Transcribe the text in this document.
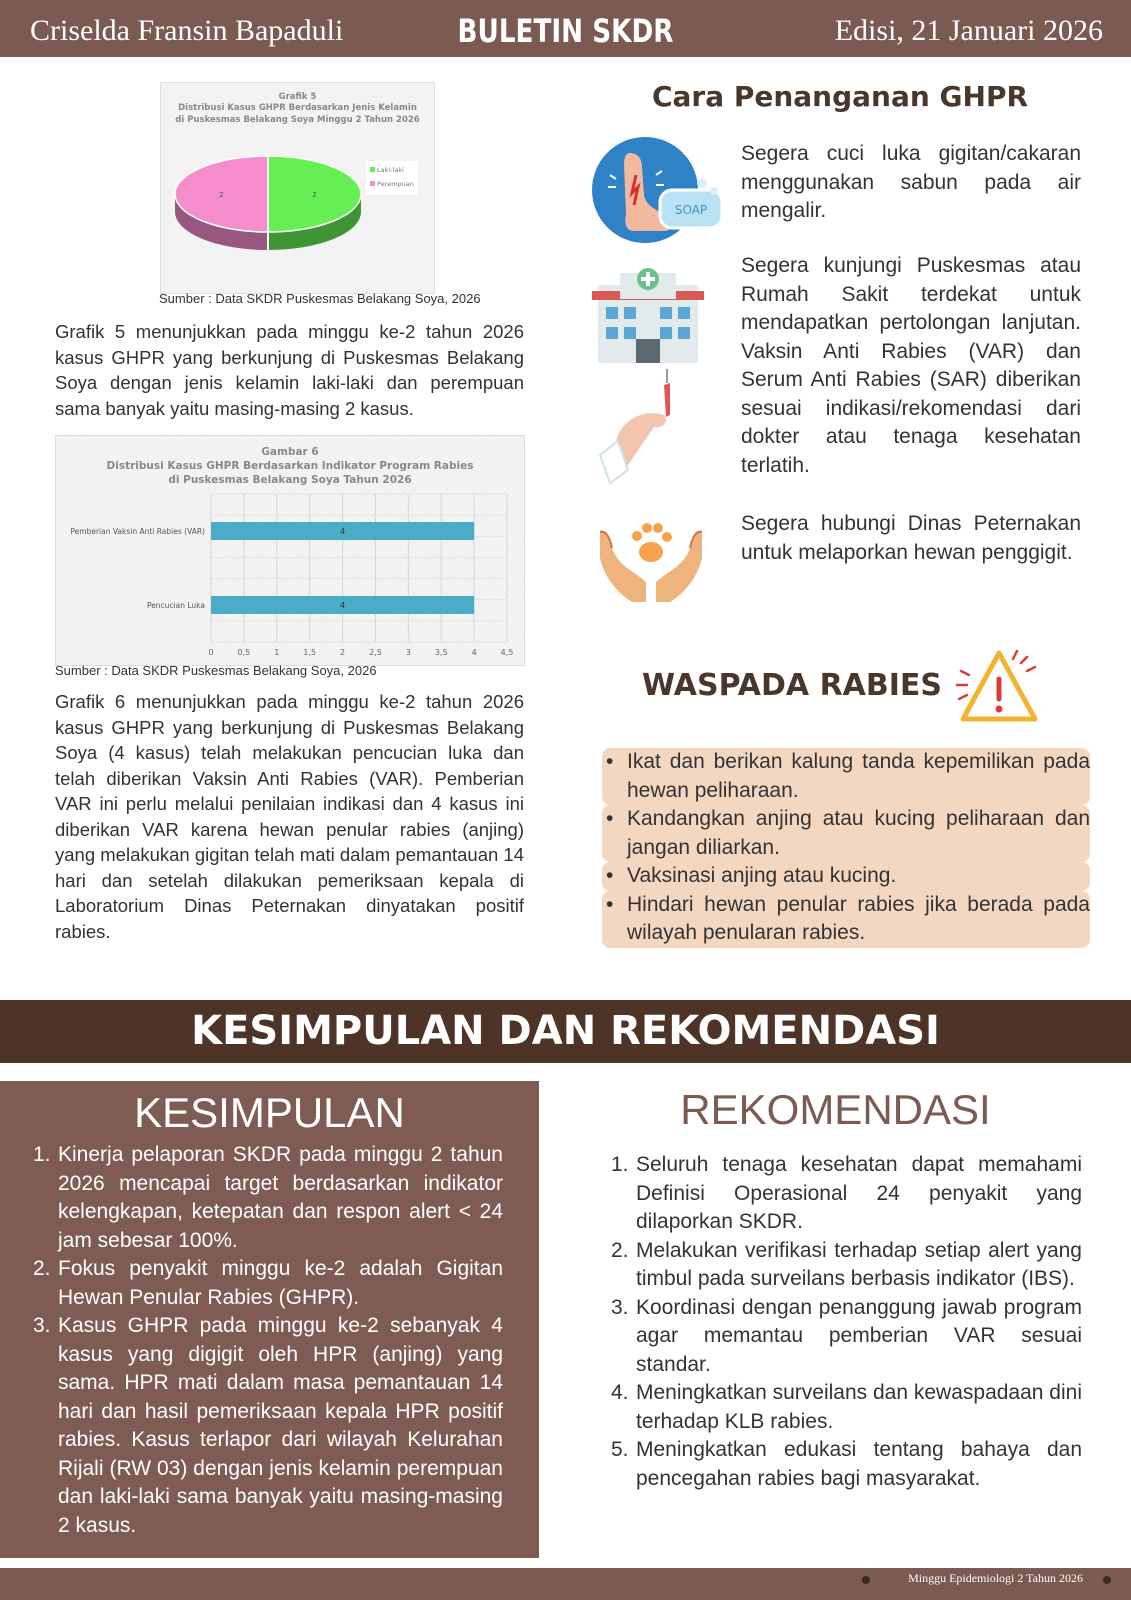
Criselda Fransin Bapaduli	BULETIN SKDR	Edisi, 21 Januari 2026
Grafik 5
Distribusi Kasus GHPR Berdasarkan Jenis Kelamin
di Puskesmas Belakang Soya Minggu 2 Tahun 2026
2
2
Laki-laki
Perempuan
Sumber : Data SKDR Puskesmas Belakang Soya, 2026

Grafik 5 menunjukkan pada minggu ke-2 tahun 2026 kasus GHPR yang berkunjung di Puskesmas Belakang Soya dengan jenis kelamin laki-laki dan perempuan sama banyak yaitu masing-masing 2 kasus.

Gambar 6
Distribusi Kasus GHPR Berdasarkan Indikator Program Rabies
di Puskesmas Belakang Soya Tahun 2026
0	0,5	1	1,5	2	2,5	3	3,5	4	4,5
4
Pemberian Vaksin Anti Rabies (VAR)
4
Pencucian Luka
Sumber : Data SKDR Puskesmas Belakang Soya, 2026

Grafik 6 menunjukkan pada minggu ke-2 tahun 2026 kasus GHPR yang berkunjung di Puskesmas Belakang Soya (4 kasus) telah melakukan pencucian luka dan telah diberikan Vaksin Anti Rabies (VAR). Pemberian VAR ini perlu melalui penilaian indikasi dan 4 kasus ini diberikan VAR karena hewan penular rabies (anjing) yang melakukan gigitan telah mati dalam pemantauan 14 hari dan setelah dilakukan pemeriksaan kepala di Laboratorium Dinas Peternakan dinyatakan positif rabies.

Cara Penanganan GHPR
SOAP

Segera cuci luka gigitan/cakaran menggunakan sabun pada air mengalir.

Segera kunjungi Puskesmas atau Rumah Sakit terdekat untuk mendapatkan pertolongan lanjutan. Vaksin Anti Rabies (VAR) dan Serum Anti Rabies (SAR) diberikan sesuai indikasi/rekomendasi dari dokter atau tenaga kesehatan terlatih.

Segera hubungi Dinas Peternakan untuk melaporkan hewan penggigit.

WASPADA RABIES
• Ikat dan berikan kalung tanda kepemilikan pada hewan peliharaan.
• Kandangkan anjing atau kucing peliharaan dan jangan diliarkan.
• Vaksinasi anjing atau kucing.
• Hindari hewan penular rabies jika berada pada wilayah penularan rabies.
KESIMPULAN DAN REKOMENDASI
KESIMPULAN
1. Kinerja pelaporan SKDR pada minggu 2 tahun 2026 mencapai target berdasarkan indikator kelengkapan, ketepatan dan respon alert < 24 jam sebesar 100%.
2. Fokus penyakit minggu ke-2 adalah Gigitan Hewan Penular Rabies (GHPR).
3. Kasus GHPR pada minggu ke-2 sebanyak 4 kasus yang digigit oleh HPR (anjing) yang sama. HPR mati dalam masa pemantauan 14 hari dan hasil pemeriksaan kepala HPR positif rabies. Kasus terlapor dari wilayah Kelurahan Rijali (RW 03) dengan jenis kelamin perempuan dan laki-laki sama banyak yaitu masing-masing 2 kasus.
REKOMENDASI
1. Seluruh tenaga kesehatan dapat memahami Definisi Operasional 24 penyakit yang dilaporkan SKDR.
2. Melakukan verifikasi terhadap setiap alert yang timbul pada surveilans berbasis indikator (IBS).
3. Koordinasi dengan penanggung jawab program agar memantau pemberian VAR sesuai standar.
4. Meningkatkan surveilans dan kewaspadaan dini terhadap KLB rabies.
5. Meningkatkan edukasi tentang bahaya dan pencegahan rabies bagi masyarakat.
Minggu Epidemiologi 2 Tahun 2026
